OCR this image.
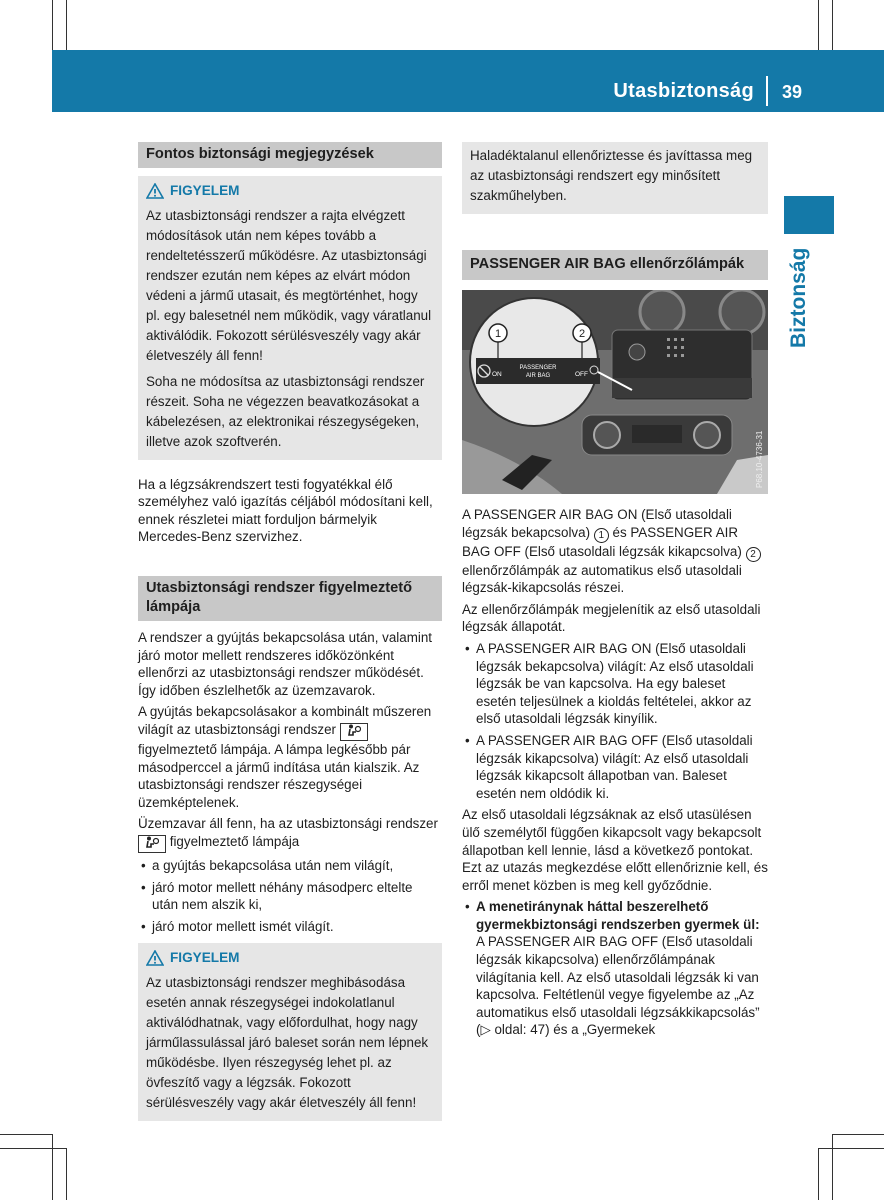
Utasbiztonság 39
Biztonság
Fontos biztonsági megjegyzések
FIGYELEM

Az utasbiztonsági rendszer a rajta elvégzett módosítások után nem képes tovább a rendeltetésszerű működésre. Az utasbiztonsági rendszer ezután nem képes az elvárt módon védeni a jármű utasait, és megtörténhet, hogy pl. egy balesetnél nem működik, vagy váratlanul aktiválódik. Fokozott sérülésveszély vagy akár életveszély áll fenn!

Soha ne módosítsa az utasbiztonsági rendszer részeit. Soha ne végezzen beavatkozásokat a kábelezésen, az elektronikai részegységeken, illetve azok szoftverén.

Ha a légzsákrendszert testi fogyatékkal élő személyhez való igazítás céljából módosítani kell, ennek részletei miatt forduljon bármelyik Mercedes-Benz szervizhez.

Utasbiztonsági rendszer figyelmeztető lámpája

A rendszer a gyújtás bekapcsolása után, valamint járó motor mellett rendszeres időközönként ellenőrzi az utasbiztonsági rendszer működését. Így időben észlelhetők az üzemzavarok.

A gyújtás bekapcsolásakor a kombinált műszeren világít az utasbiztonsági rendszer  figyelmeztető lámpája. A lámpa legkésőbb pár másodperccel a jármű indítása után kialszik. Az utasbiztonsági rendszer részegységei üzemképtelenek.

Üzemzavar áll fenn, ha az utasbiztonsági rendszer  figyelmeztető lámpája

• a gyújtás bekapcsolása után nem világít,
• járó motor mellett néhány másodperc eltelte után nem alszik ki,
• járó motor mellett ismét világít.
FIGYELEM

Az utasbiztonsági rendszer meghibásodása esetén annak részegységei indokolatlanul aktiválódhatnak, vagy előfordulhat, hogy nagy járműlassulással járó baleset során nem lépnek működésbe. Ilyen részegység lehet pl. az övfeszítő vagy a légzsák. Fokozott sérülésveszély vagy akár életveszély áll fenn!

Haladéktalanul ellenőriztesse és javíttassa meg az utasbiztonsági rendszert egy minősített szakműhelyben.

PASSENGER AIR BAG ellenőrzőlámpák
ON
PASSENGER
AIR BAG	OFF
1	2
P68.10-4736-31

A PASSENGER AIR BAG ON (Első utasoldali légzsák bekapcsolva) 1 és PASSENGER AIR BAG OFF (Első utasoldali légzsák kikapcsolva) 2 ellenőrzőlámpák az automatikus első utasoldali légzsák-kikapcsolás részei.

Az ellenőrzőlámpák megjelenítik az első utasoldali légzsák állapotát.

• A PASSENGER AIR BAG ON (Első utasoldali légzsák bekapcsolva) világít: Az első utasoldali légzsák be van kapcsolva. Ha egy baleset esetén teljesülnek a kioldás feltételei, akkor az első utasoldali légzsák kinyílik.
• A PASSENGER AIR BAG OFF (Első utasoldali légzsák kikapcsolva) világít: Az első utasoldali légzsák kikapcsolt állapotban van. Baleset esetén nem oldódik ki.

Az első utasoldali légzsáknak az első utasülésen ülő személytől függően kikapcsolt vagy bekapcsolt állapotban kell lennie, lásd a következő pontokat. Ezt az utazás megkezdése előtt ellenőriznie kell, és erről menet közben is meg kell győződnie.

• A menetiránynak háttal beszerelhető gyermekbiztonsági rendszerben gyermek ül: A PASSENGER AIR BAG OFF (Első utasoldali légzsák kikapcsolva) ellenőrzőlámpának világítania kell. Az első utasoldali légzsák ki van kapcsolva. Feltétlenül vegye figyelembe az „Az automatikus első utasoldali légzsákkikapcsolás” (▷ oldal: 47) és a „Gyermekek
